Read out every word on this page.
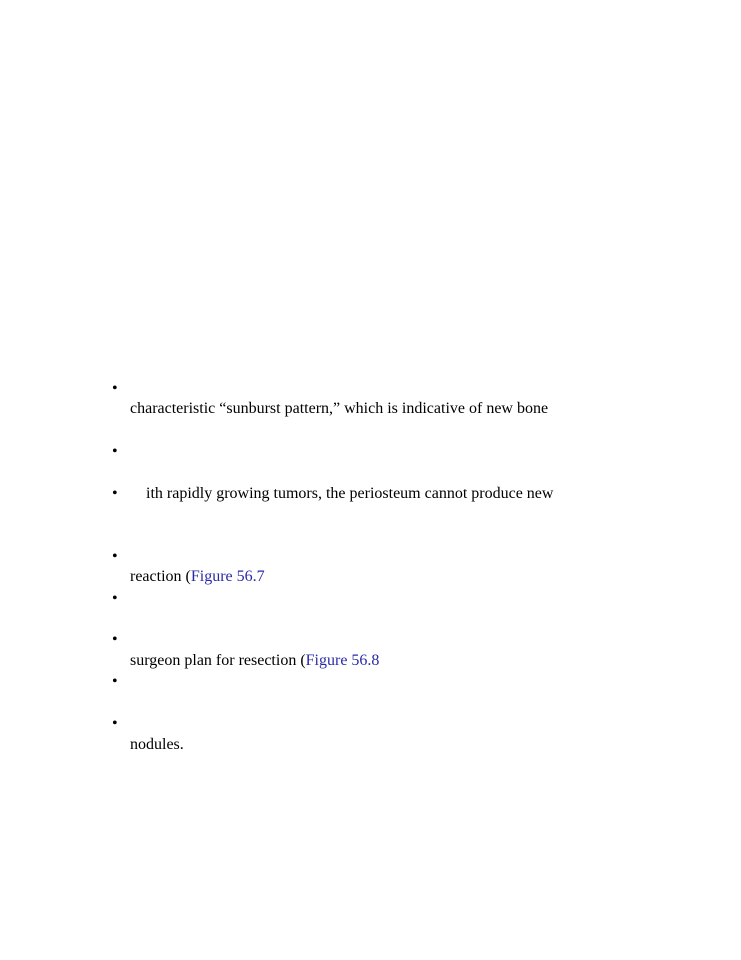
•
characteristic “sunburst pattern,” which is indicative of new bone
•
• ith rapidly growing tumors, the periosteum cannot produce new
•
reaction (Figure 56.7
•
•
surgeon plan for resection (Figure 56.8
•
•
nodules.
